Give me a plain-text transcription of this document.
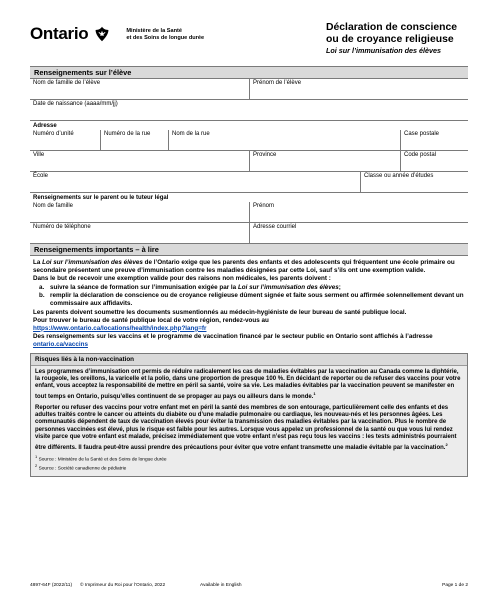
Ontario	Ministère de la Santé
et des Soins de longue durée
Déclaration de conscience
ou de croyance religieuse
Loi sur l’immunisation des élèves
Renseignements sur l’élève
Nom de famille de l’élève	Prénom de l’élève
Date de naissance (aaaa/mm/jj)
Adresse
Numéro d’unité	Numéro de la rue	Nom de la rue	Case postale
Ville	Province	Code postal
École	Classe ou année d’études
Renseignements sur le parent ou le tuteur légal
Nom de famille	Prénom
Numéro de téléphone	Adresse courriel
Renseignements importants – à lire

La Loi sur l’immunisation des élèves de l’Ontario exige que les parents des enfants et des adolescents qui fréquentent une école primaire ou secondaire présentent une preuve d’immunisation contre les maladies désignées par cette Loi, sauf s’ils ont une exemption valide.

Dans le but de recevoir une exemption valide pour des raisons non médicales, les parents doivent :

a. suivre la séance de formation sur l’immunisation exigée par la Loi sur l’immunisation des élèves;
b. remplir la déclaration de conscience ou de croyance religieuse dûment signée et faite sous serment ou affirmée solennellement devant un commissaire aux affidavits.

Les parents doivent soumettre les documents susmentionnés au médecin-hygiéniste de leur bureau de santé publique local.

Pour trouver le bureau de santé publique local de votre région, rendez-vous au
https://www.ontario.ca/locations/health/index.php?lang=fr

Des renseignements sur les vaccins et le programme de vaccination financé par le secteur public en Ontario sont affichés à l’adresse ontario.ca/vaccins

Risques liés à la non-vaccination

Les programmes d’immunisation ont permis de réduire radicalement les cas de maladies évitables par la vaccination au Canada comme la diphtérie, la rougeole, les oreillons, la varicelle et la polio, dans une proportion de presque 100 %. En décidant de reporter ou de refuser des vaccins pour votre enfant, vous acceptez la responsabilité de mettre en péril sa santé, voire sa vie. Les maladies évitables par la vaccination peuvent se manifester en tout temps en Ontario, puisqu’elles continuent de se propager au pays ou ailleurs dans le monde.$^1$

Reporter ou refuser des vaccins pour votre enfant met en péril la santé des membres de son entourage, particulièrement celle des enfants et des adultes traités contre le cancer ou atteints du diabète ou d’une maladie pulmonaire ou cardiaque, les nouveau-nés et les personnes âgées. Les communautés dépendent de taux de vaccination élevés pour éviter la transmission des maladies évitables par la vaccination. Plus le nombre de personnes vaccinées est élevé, plus le risque est faible pour les autres. Lorsque vous appelez un professionnel de la santé ou que vous lui rendez visite parce que votre enfant est malade, précisez immédiatement que votre enfant n’est pas reçu tous les vaccins : les tests administrés pourraient être différents. Il faudra peut-être aussi prendre des précautions pour éviter que votre enfant transmette une maladie évitable par la vaccination.$^2$

$^1$ Source : Ministère de la Santé et des Soins de longue durée
$^2$ Source : Société canadienne de pédiatrie
4897-64F (2022/11)	© Imprimeur du Roi pour l’Ontario, 2022	Available in English	Page 1 de 2
